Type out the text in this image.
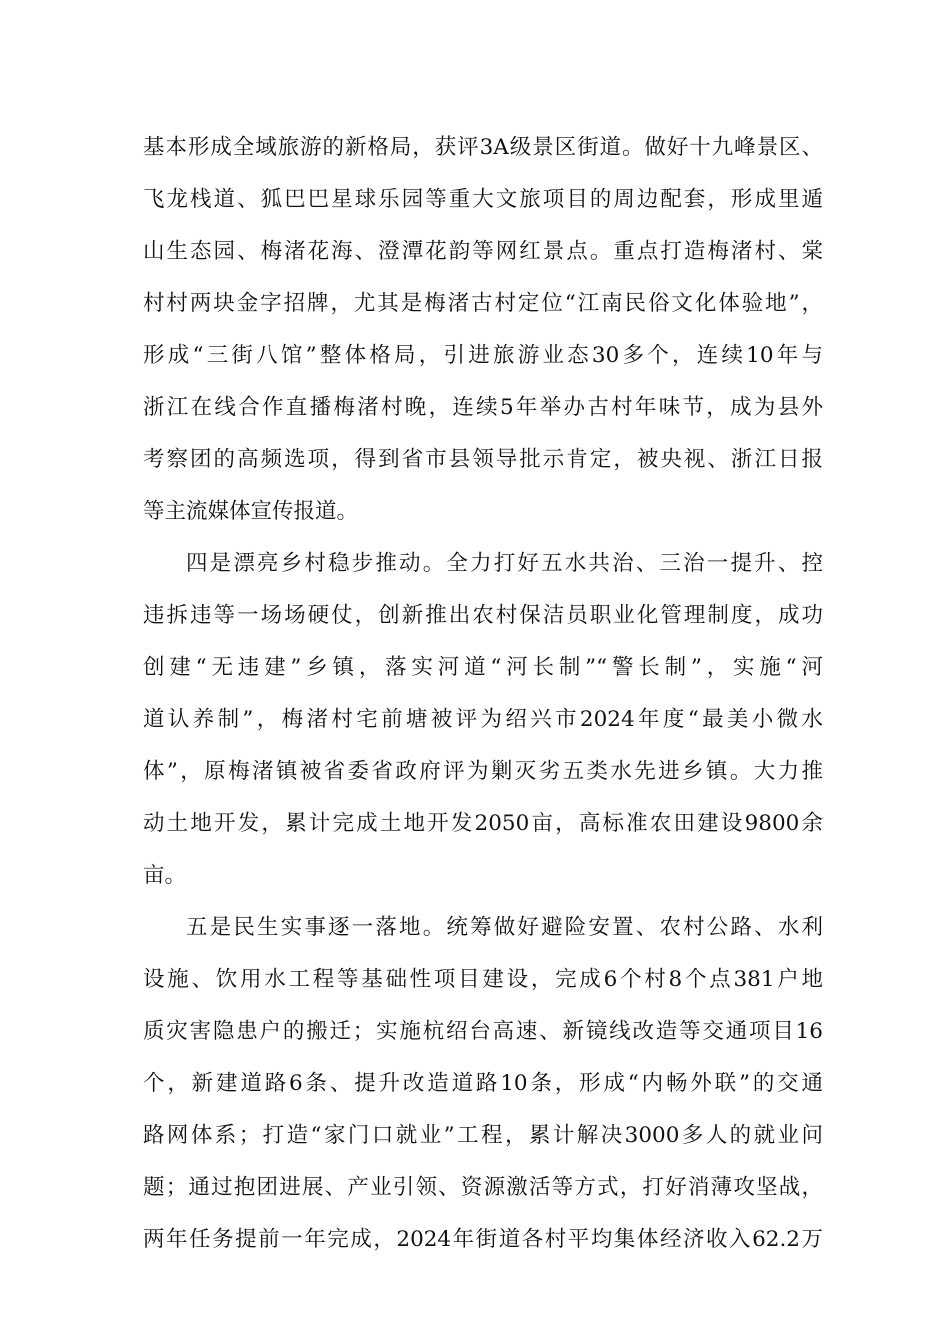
基本形成全域旅游的新格局，获评3A级景区街道。做好十九峰景区、
飞龙栈道、狐巴巴星球乐园等重大文旅项目的周边配套，形成里遁
山生态园、梅渚花海、澄潭花韵等网红景点。重点打造梅渚村、棠
村村两块金字招牌，尤其是梅渚古村定位“江南民俗文化体验地”，
形成“三街八馆”整体格局，引进旅游业态30多个，连续10年与
浙江在线合作直播梅渚村晚，连续5年举办古村年味节，成为县外
考察团的高频选项，得到省市县领导批示肯定，被央视、浙江日报
等主流媒体宣传报道。
四是漂亮乡村稳步推动。全力打好五水共治、三治一提升、控
违拆违等一场场硬仗，创新推出农村保洁员职业化管理制度，成功
创建“无违建”乡镇，落实河道“河长制”“警长制”，实施“河
道认养制”，梅渚村宅前塘被评为绍兴市2024年度“最美小微水
体”，原梅渚镇被省委省政府评为剿灭劣五类水先进乡镇。大力推
动土地开发，累计完成土地开发2050亩，高标准农田建设9800余
亩。
五是民生实事逐一落地。统筹做好避险安置、农村公路、水利
设施、饮用水工程等基础性项目建设，完成6个村8个点381户地
质灾害隐患户的搬迁；实施杭绍台高速、新镜线改造等交通项目16
个，新建道路6条、提升改造道路10条，形成“内畅外联”的交通
路网体系；打造“家门口就业”工程，累计解决3000多人的就业问
题；通过抱团进展、产业引领、资源激活等方式，打好消薄攻坚战，
两年任务提前一年完成，2024年街道各村平均集体经济收入62.2万
